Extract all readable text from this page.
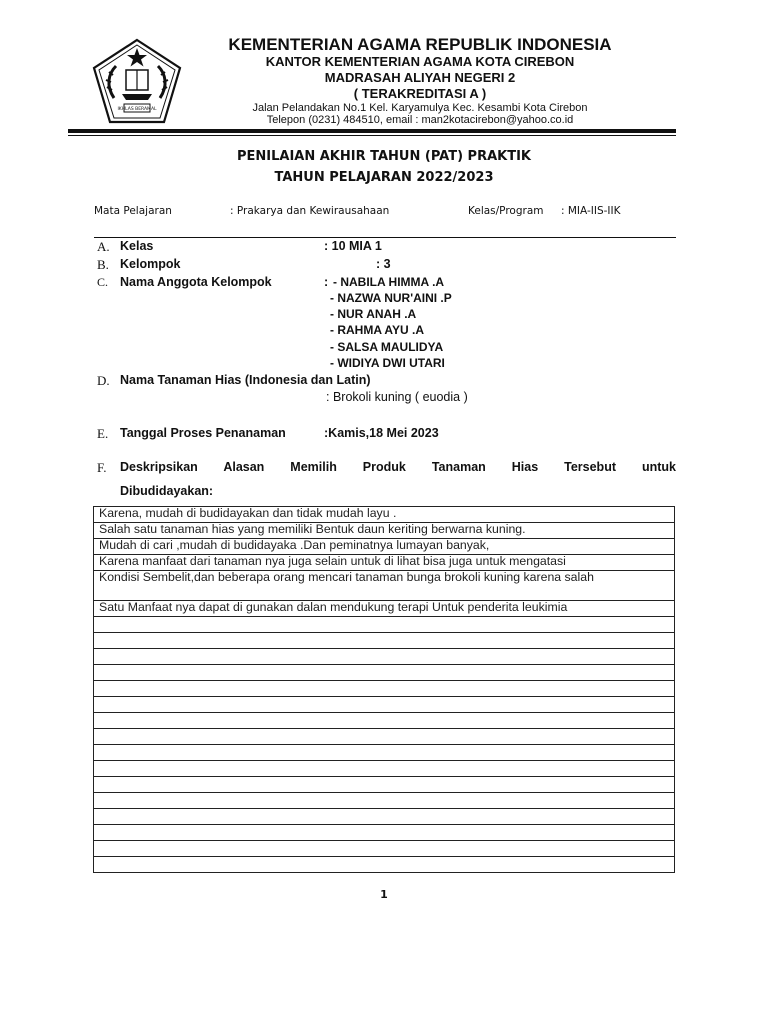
IKHLAS BERAMAL
KEMENTERIAN AGAMA REPUBLIK INDONESIA
KANTOR KEMENTERIAN AGAMA KOTA CIREBON
MADRASAH ALIYAH NEGERI 2
( TERAKREDITASI A )
Jalan Pelandakan No.1 Kel. Karyamulya Kec. Kesambi Kota Cirebon
Telepon (0231) 484510, email : man2kotacirebon@yahoo.co.id
PENILAIAN AKHIR TAHUN (PAT) PRAKTIK
TAHUN PELAJARAN 2022/2023
Mata Pelajaran	: Prakarya dan Kewirausahaan	Kelas/Program : MIA-IIS-IIK
A. Kelas	: 10 MIA 1
B. Kelompok	: 3
C. Nama Anggota Kelompok	: - NABILA HIMMA .A
- NAZWA NUR'AINI .P
- NUR ANAH .A
- RAHMA AYU .A
- SALSA MAULIDYA
- WIDIYA DWI UTARI
D. Nama Tanaman Hias (Indonesia dan Latin)
: Brokoli kuning ( euodia )
E. Tanggal Proses Penanaman	:Kamis,18 Mei 2023
F. Deskripsikan Alasan Memilih Produk Tanaman Hias Tersebut untuk
Dibudidayakan:
Karena, mudah di budidayakan dan tidak mudah layu .
Salah satu tanaman hias yang memiliki Bentuk daun keriting berwarna kuning.
Mudah di cari ,mudah di budidayaka .Dan peminatnya lumayan banyak,
Karena manfaat dari tanaman nya juga selain untuk di lihat bisa juga untuk mengatasi
Kondisi Sembelit,dan beberapa orang mencari tanaman bunga brokoli kuning karena salah
Satu Manfaat nya dapat di gunakan dalan mendukung terapi Untuk penderita leukimia

1
